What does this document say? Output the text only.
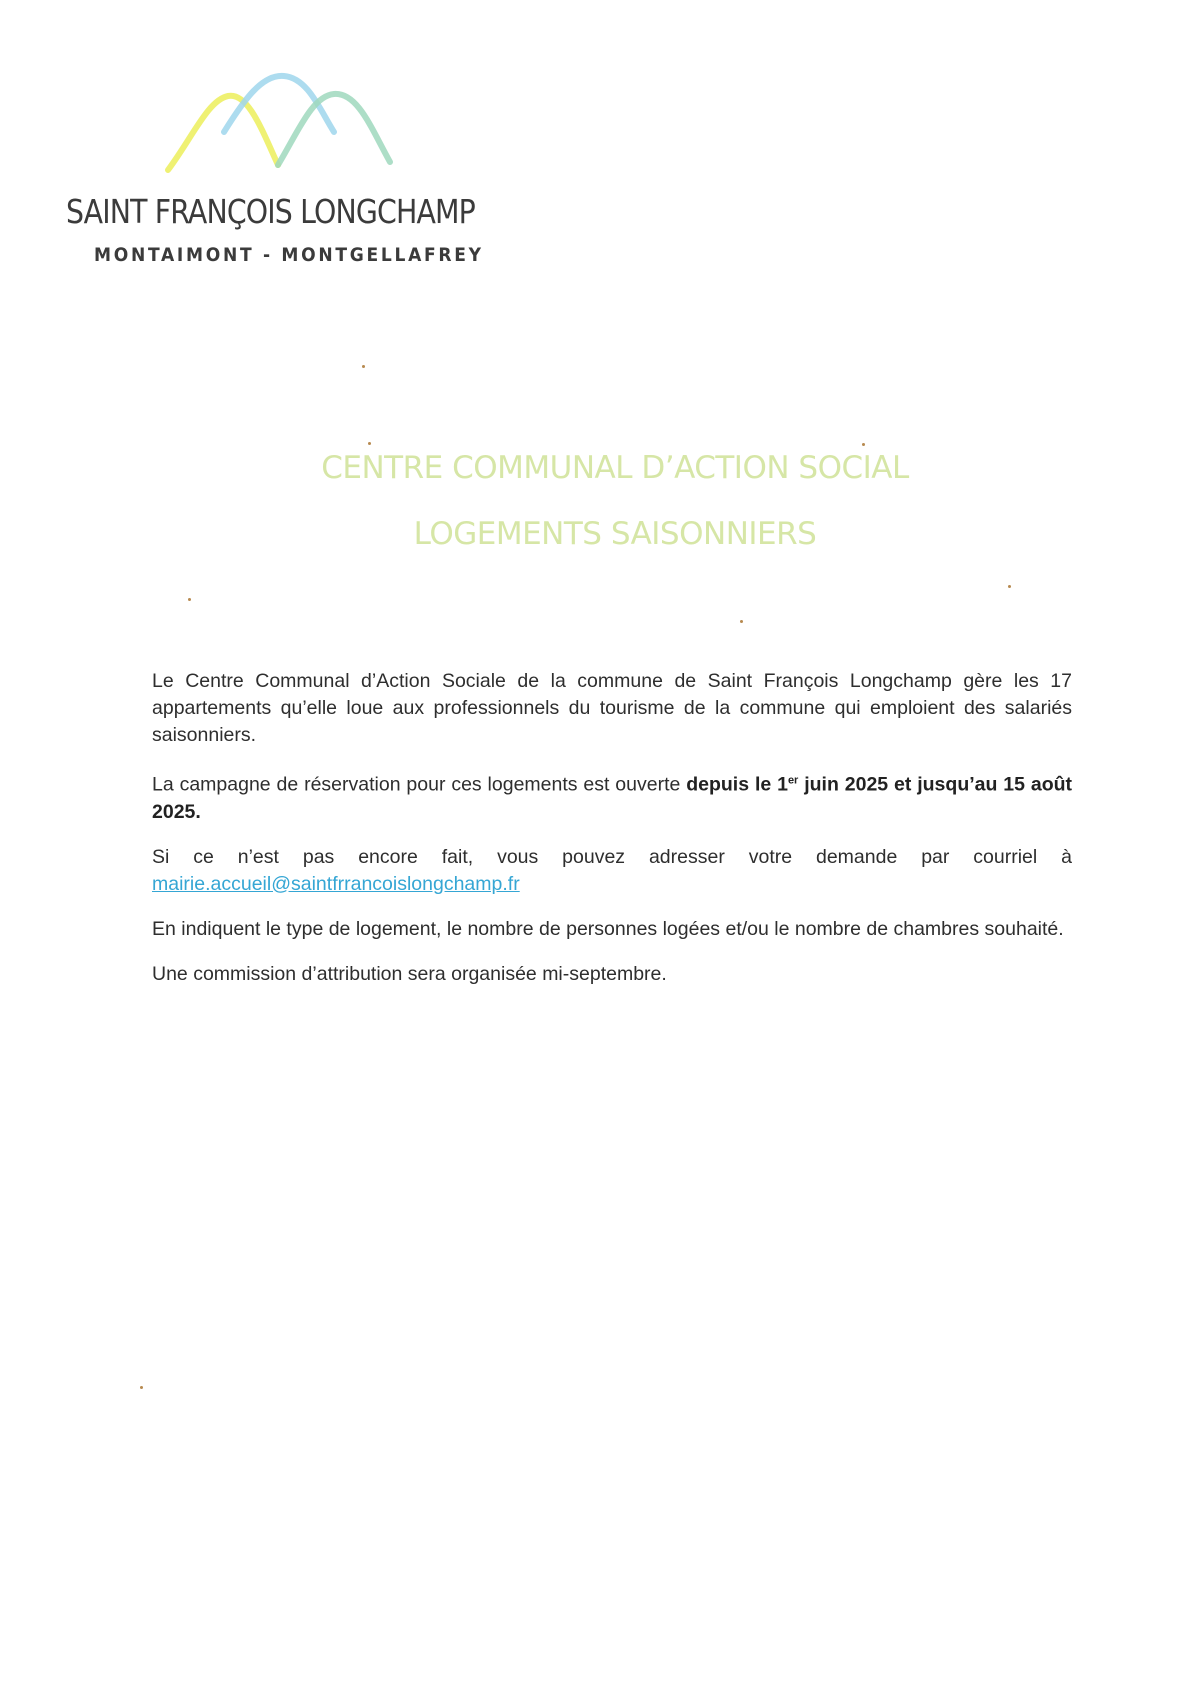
SAINT FRANÇOIS LONGCHAMP
MONTAIMONT - MONTGELLAFREY
CENTRE COMMUNAL D’ACTION SOCIAL
LOGEMENTS SAISONNIERS

Le Centre Communal d’Action Sociale de la commune de Saint François Longchamp gère les 17 appartements qu’elle loue aux professionnels du tourisme de la commune qui emploient des salariés saisonniers.

La campagne de réservation pour ces logements est ouverte depuis le 1er juin 2025 et jusqu’au 15 août 2025.

Si ce n’est pas encore fait, vous pouvez adresser votre demande par courriel à mairie.accueil@saintfrrancoislongchamp.fr

En indiquent le type de logement, le nombre de personnes logées et/ou le nombre de chambres souhaité.

Une commission d’attribution sera organisée mi-septembre.
